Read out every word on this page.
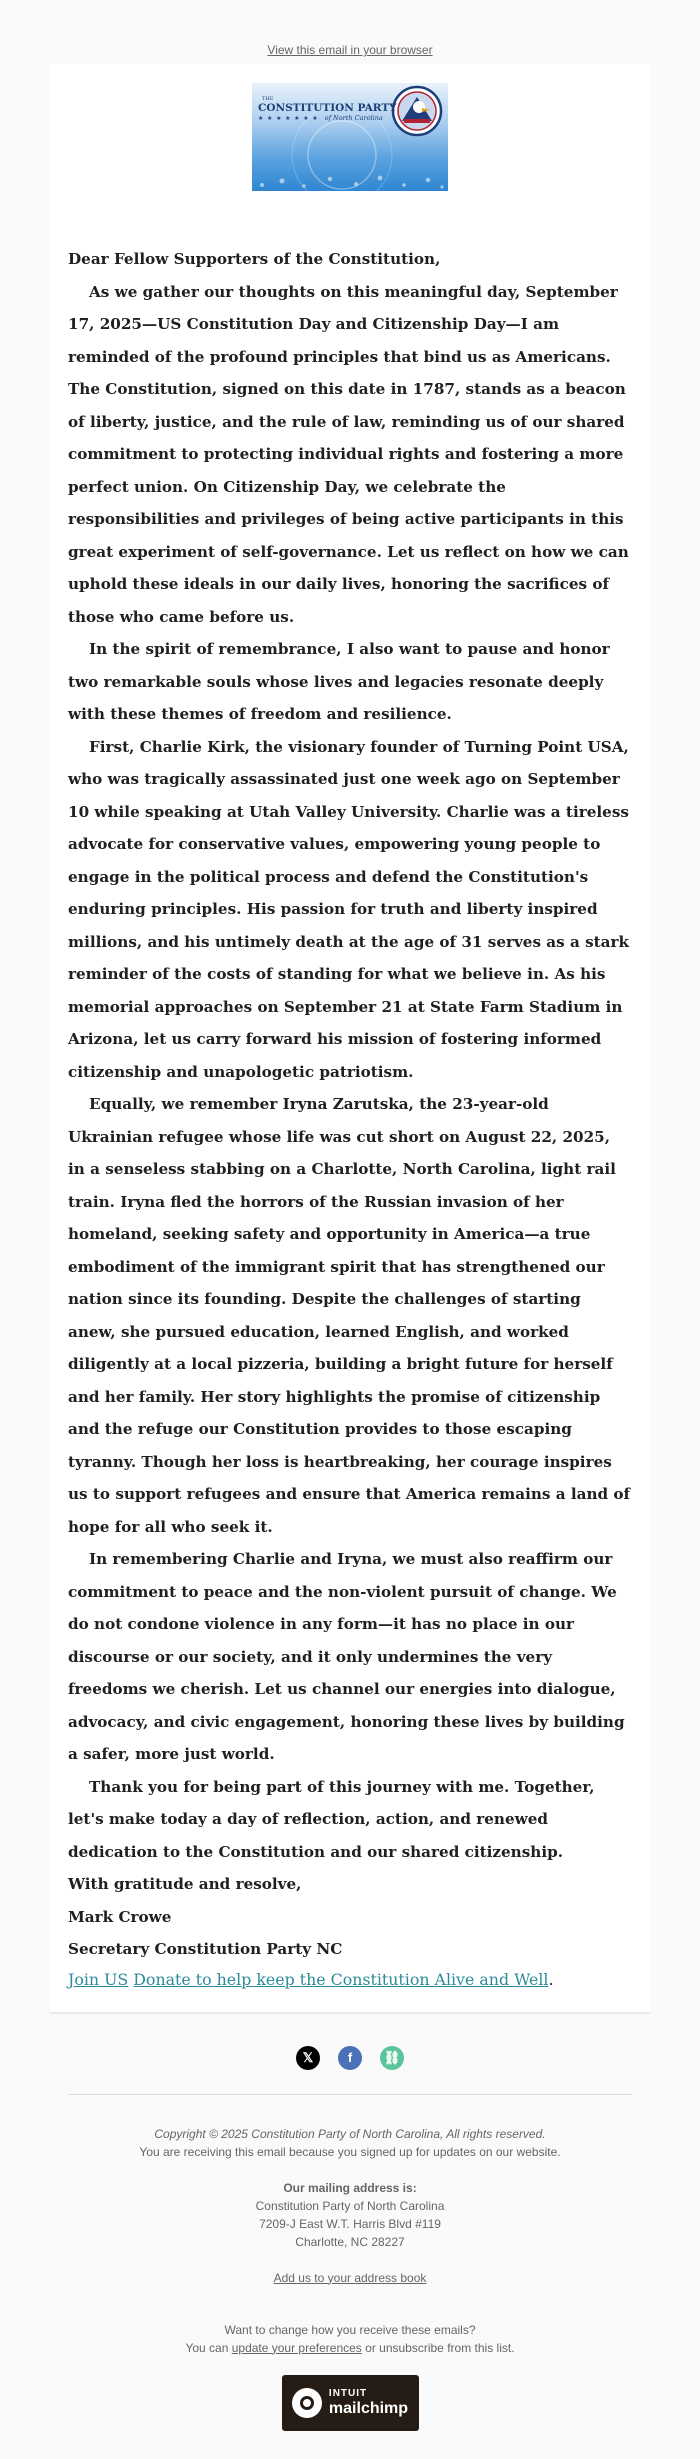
View this email in your browser
THE
CONSTITUTION PARTY
★ ★ ★ ★ ★ ★ ★ of North Carolina

Dear Fellow Supporters of the Constitution,

As we gather our thoughts on this meaningful day, September 17, 2025—US Constitution Day and Citizenship Day—I am reminded of the profound principles that bind us as Americans. The Constitution, signed on this date in 1787, stands as a beacon of liberty, justice, and the rule of law, reminding us of our shared commitment to protecting individual rights and fostering a more perfect union. On Citizenship Day, we celebrate the responsibilities and privileges of being active participants in this great experiment of self-governance. Let us reflect on how we can uphold these ideals in our daily lives, honoring the sacrifices of those who came before us.

In the spirit of remembrance, I also want to pause and honor two remarkable souls whose lives and legacies resonate deeply with these themes of freedom and resilience.

First, Charlie Kirk, the visionary founder of Turning Point USA, who was tragically assassinated just one week ago on September 10 while speaking at Utah Valley University. Charlie was a tireless advocate for conservative values, empowering young people to engage in the political process and defend the Constitution's enduring principles. His passion for truth and liberty inspired millions, and his untimely death at the age of 31 serves as a stark reminder of the costs of standing for what we believe in. As his memorial approaches on September 21 at State Farm Stadium in Arizona, let us carry forward his mission of fostering informed citizenship and unapologetic patriotism.

Equally, we remember Iryna Zarutska, the 23-year-old Ukrainian refugee whose life was cut short on August 22, 2025, in a senseless stabbing on a Charlotte, North Carolina, light rail train. Iryna fled the horrors of the Russian invasion of her homeland, seeking safety and opportunity in America—a true embodiment of the immigrant spirit that has strengthened our nation since its founding. Despite the challenges of starting anew, she pursued education, learned English, and worked diligently at a local pizzeria, building a bright future for herself and her family. Her story highlights the promise of citizenship and the refuge our Constitution provides to those escaping tyranny. Though her loss is heartbreaking, her courage inspires us to support refugees and ensure that America remains a land of hope for all who seek it.

In remembering Charlie and Iryna, we must also reaffirm our commitment to peace and the non-violent pursuit of change. We do not condone violence in any form—it has no place in our discourse or our society, and it only undermines the very freedoms we cherish. Let us channel our energies into dialogue, advocacy, and civic engagement, honoring these lives by building a safer, more just world.

Thank you for being part of this journey with me. Together, let's make today a day of reflection, action, and renewed dedication to the Constitution and our shared citizenship.

With gratitude and resolve,

Mark Crowe

Secretary Constitution Party NC

Join US Donate to help keep the Constitution Alive and Well.
𝕏	f	⛓
Copyright © 2025 Constitution Party of North Carolina, All rights reserved.
You are receiving this email because you signed up for updates on our website.
Our mailing address is:
Constitution Party of North Carolina
7209-J East W.T. Harris Blvd #119
Charlotte, NC 28227
Add us to your address book
Want to change how you receive these emails?
You can update your preferences or unsubscribe from this list.
INTUIT
mailchimp
